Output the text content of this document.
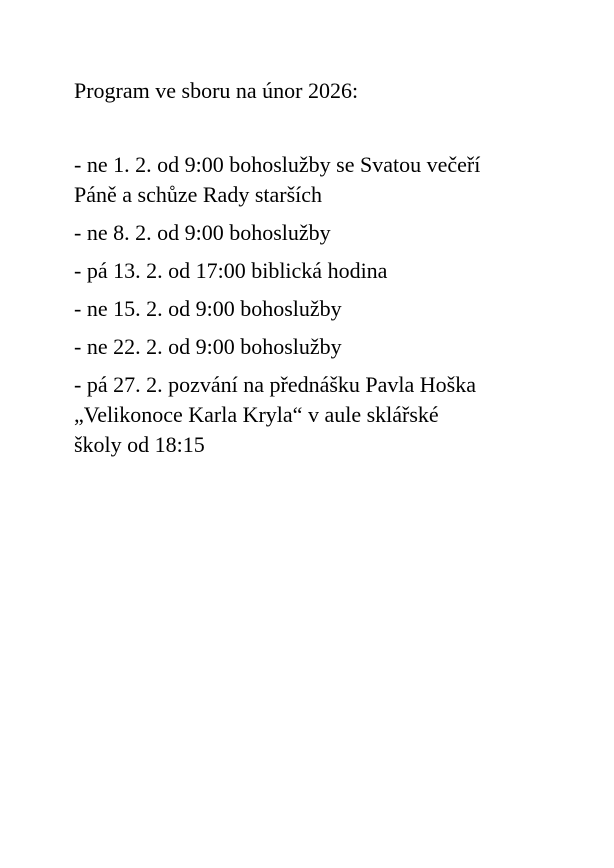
Program ve sboru na únor 2026:
- ne 1. 2. od 9:00 bohoslužby se Svatou večeří
Páně a schůze Rady starších
- ne 8. 2. od 9:00 bohoslužby
- pá 13. 2. od 17:00 biblická hodina
- ne 15. 2. od 9:00 bohoslužby
- ne 22. 2. od 9:00 bohoslužby
- pá 27. 2. pozvání na přednášku Pavla Hoška
„Velikonoce Karla Kryla“ v aule sklářské
školy od 18:15
